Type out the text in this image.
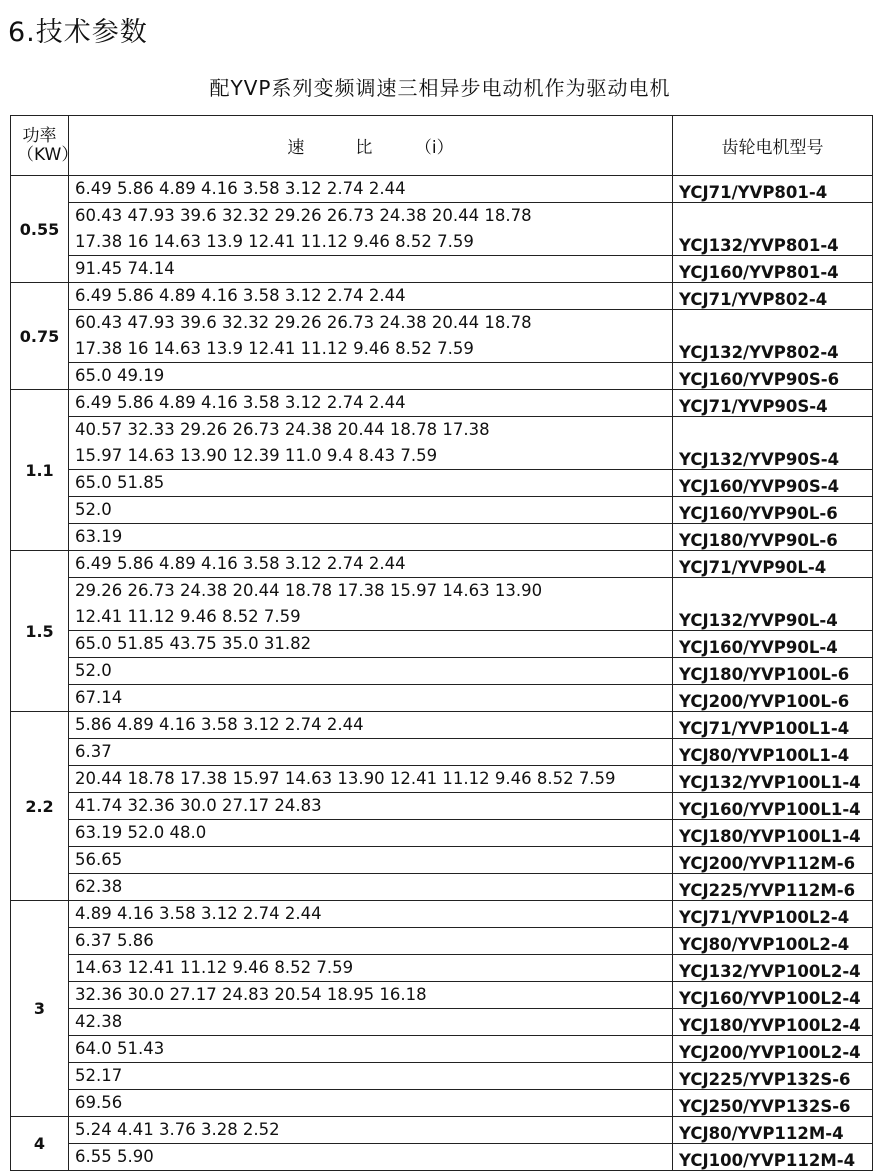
6.技术参数
配YVP系列变频调速三相异步电动机作为驱动电机
功率
（KW）	速　　　比　　　（i）	齿轮电机型号
0.55	6.49 5.86 4.89 4.16 3.58 3.12 2.74 2.44	YCJ71/YVP801-4

	60.43 47.93 39.6 32.32 29.26 26.73 24.38 20.44 18.78
17.38 16 14.63 13.9 12.41 11.12 9.46 8.52 7.59	YCJ132/YVP801-4

	91.45 74.14	YCJ160/YVP801-4
0.75	6.49 5.86 4.89 4.16 3.58 3.12 2.74 2.44	YCJ71/YVP802-4

	60.43 47.93 39.6 32.32 29.26 26.73 24.38 20.44 18.78
17.38 16 14.63 13.9 12.41 11.12 9.46 8.52 7.59	YCJ132/YVP802-4

	65.0 49.19	YCJ160/YVP90S-6
1.1	6.49 5.86 4.89 4.16 3.58 3.12 2.74 2.44	YCJ71/YVP90S-4

	40.57 32.33 29.26 26.73 24.38 20.44 18.78 17.38
15.97 14.63 13.90 12.39 11.0 9.4 8.43 7.59	YCJ132/YVP90S-4

	65.0 51.85	YCJ160/YVP90S-4

	52.0	YCJ160/YVP90L-6

	63.19	YCJ180/YVP90L-6
1.5	6.49 5.86 4.89 4.16 3.58 3.12 2.74 2.44	YCJ71/YVP90L-4

	29.26 26.73 24.38 20.44 18.78 17.38 15.97 14.63 13.90
12.41 11.12 9.46 8.52 7.59	YCJ132/YVP90L-4

	65.0 51.85 43.75 35.0 31.82	YCJ160/YVP90L-4

	52.0	YCJ180/YVP100L-6

	67.14	YCJ200/YVP100L-6
2.2	5.86 4.89 4.16 3.58 3.12 2.74 2.44	YCJ71/YVP100L1-4

	6.37	YCJ80/YVP100L1-4

	20.44 18.78 17.38 15.97 14.63 13.90 12.41 11.12 9.46 8.52 7.59	YCJ132/YVP100L1-4

	41.74 32.36 30.0 27.17 24.83	YCJ160/YVP100L1-4

	63.19 52.0 48.0	YCJ180/YVP100L1-4

	56.65	YCJ200/YVP112M-6

	62.38	YCJ225/YVP112M-6
3	4.89 4.16 3.58 3.12 2.74 2.44	YCJ71/YVP100L2-4

	6.37 5.86	YCJ80/YVP100L2-4

	14.63 12.41 11.12 9.46 8.52 7.59	YCJ132/YVP100L2-4

	32.36 30.0 27.17 24.83 20.54 18.95 16.18	YCJ160/YVP100L2-4

	42.38	YCJ180/YVP100L2-4

	64.0 51.43	YCJ200/YVP100L2-4

	52.17	YCJ225/YVP132S-6

	69.56	YCJ250/YVP132S-6
4	5.24 4.41 3.76 3.28 2.52	YCJ80/YVP112M-4

	6.55 5.90	YCJ100/YVP112M-4
